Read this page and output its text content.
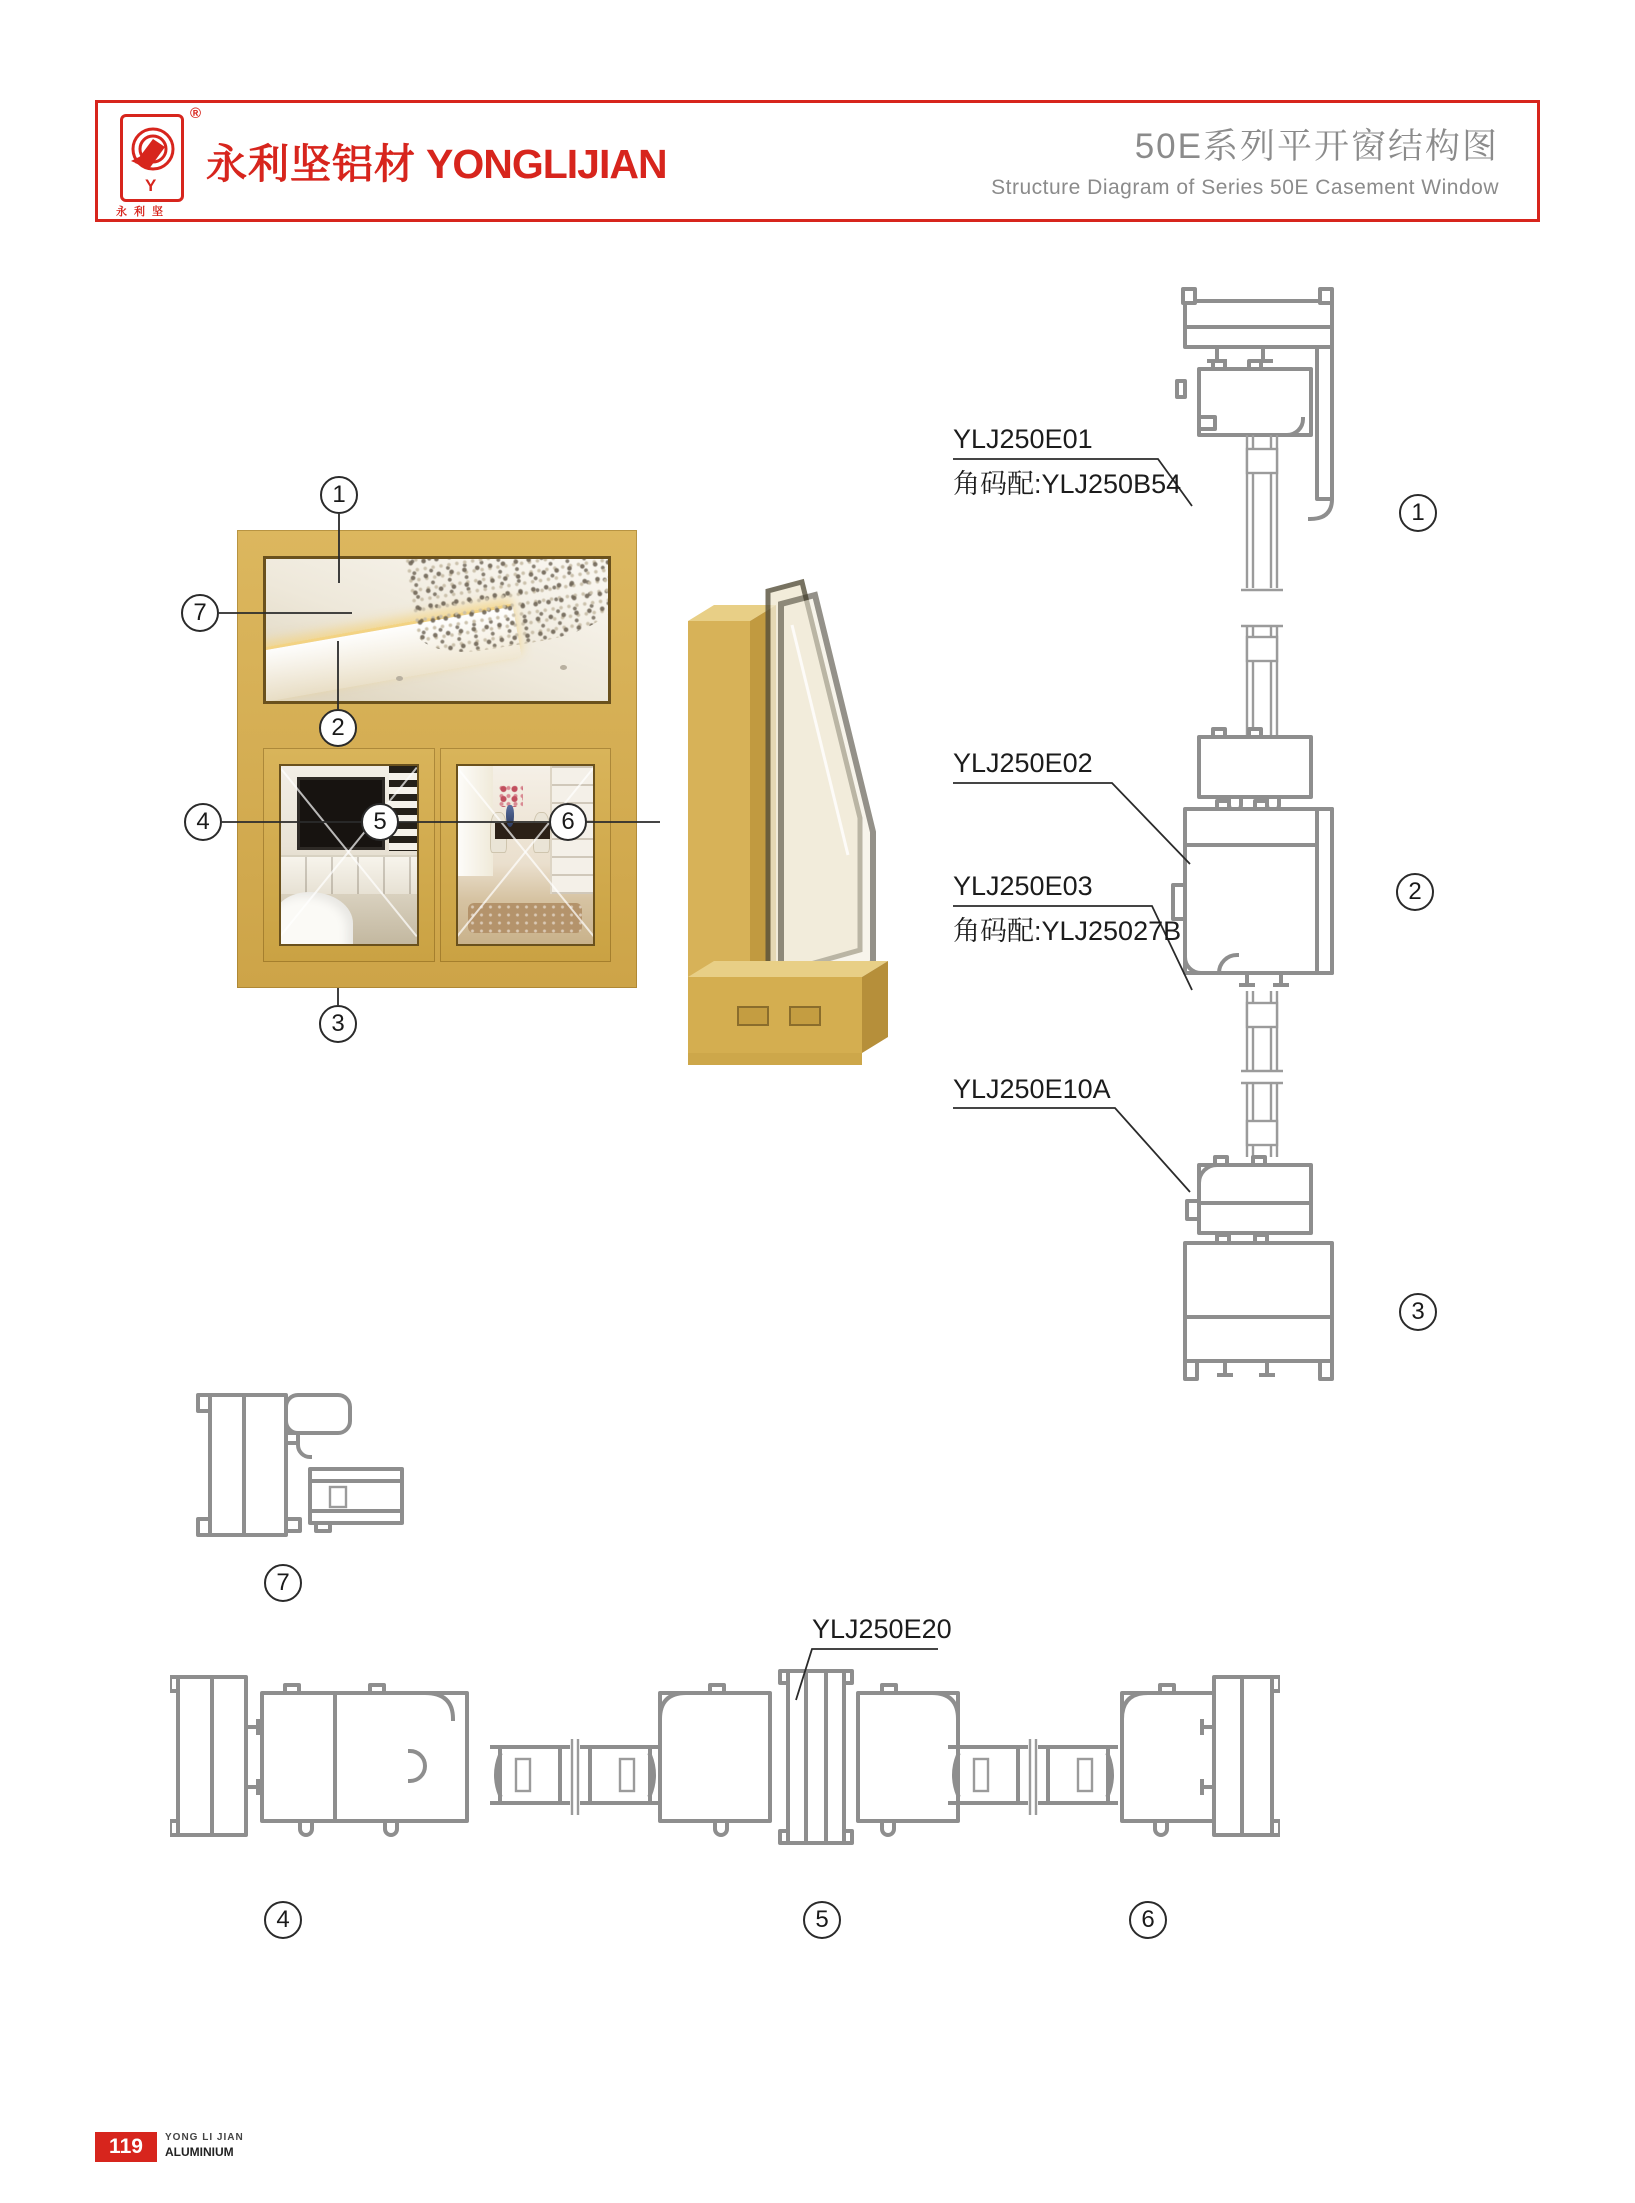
Y
®
永利坚
永利坚铝材 YONGLIJIAN	50E系列平开窗结构图
Structure Diagram of Series 50E Casement Window
YLJ250E01
角码配:YLJ250B54
YLJ250E02
YLJ250E03
角码配:YLJ25027B
YLJ250E10A
YLJ250E20
1
7
2
4	5	6
3
1
2
3
7
4	5	6
119	YONG LI JIAN
ALUMINIUM
